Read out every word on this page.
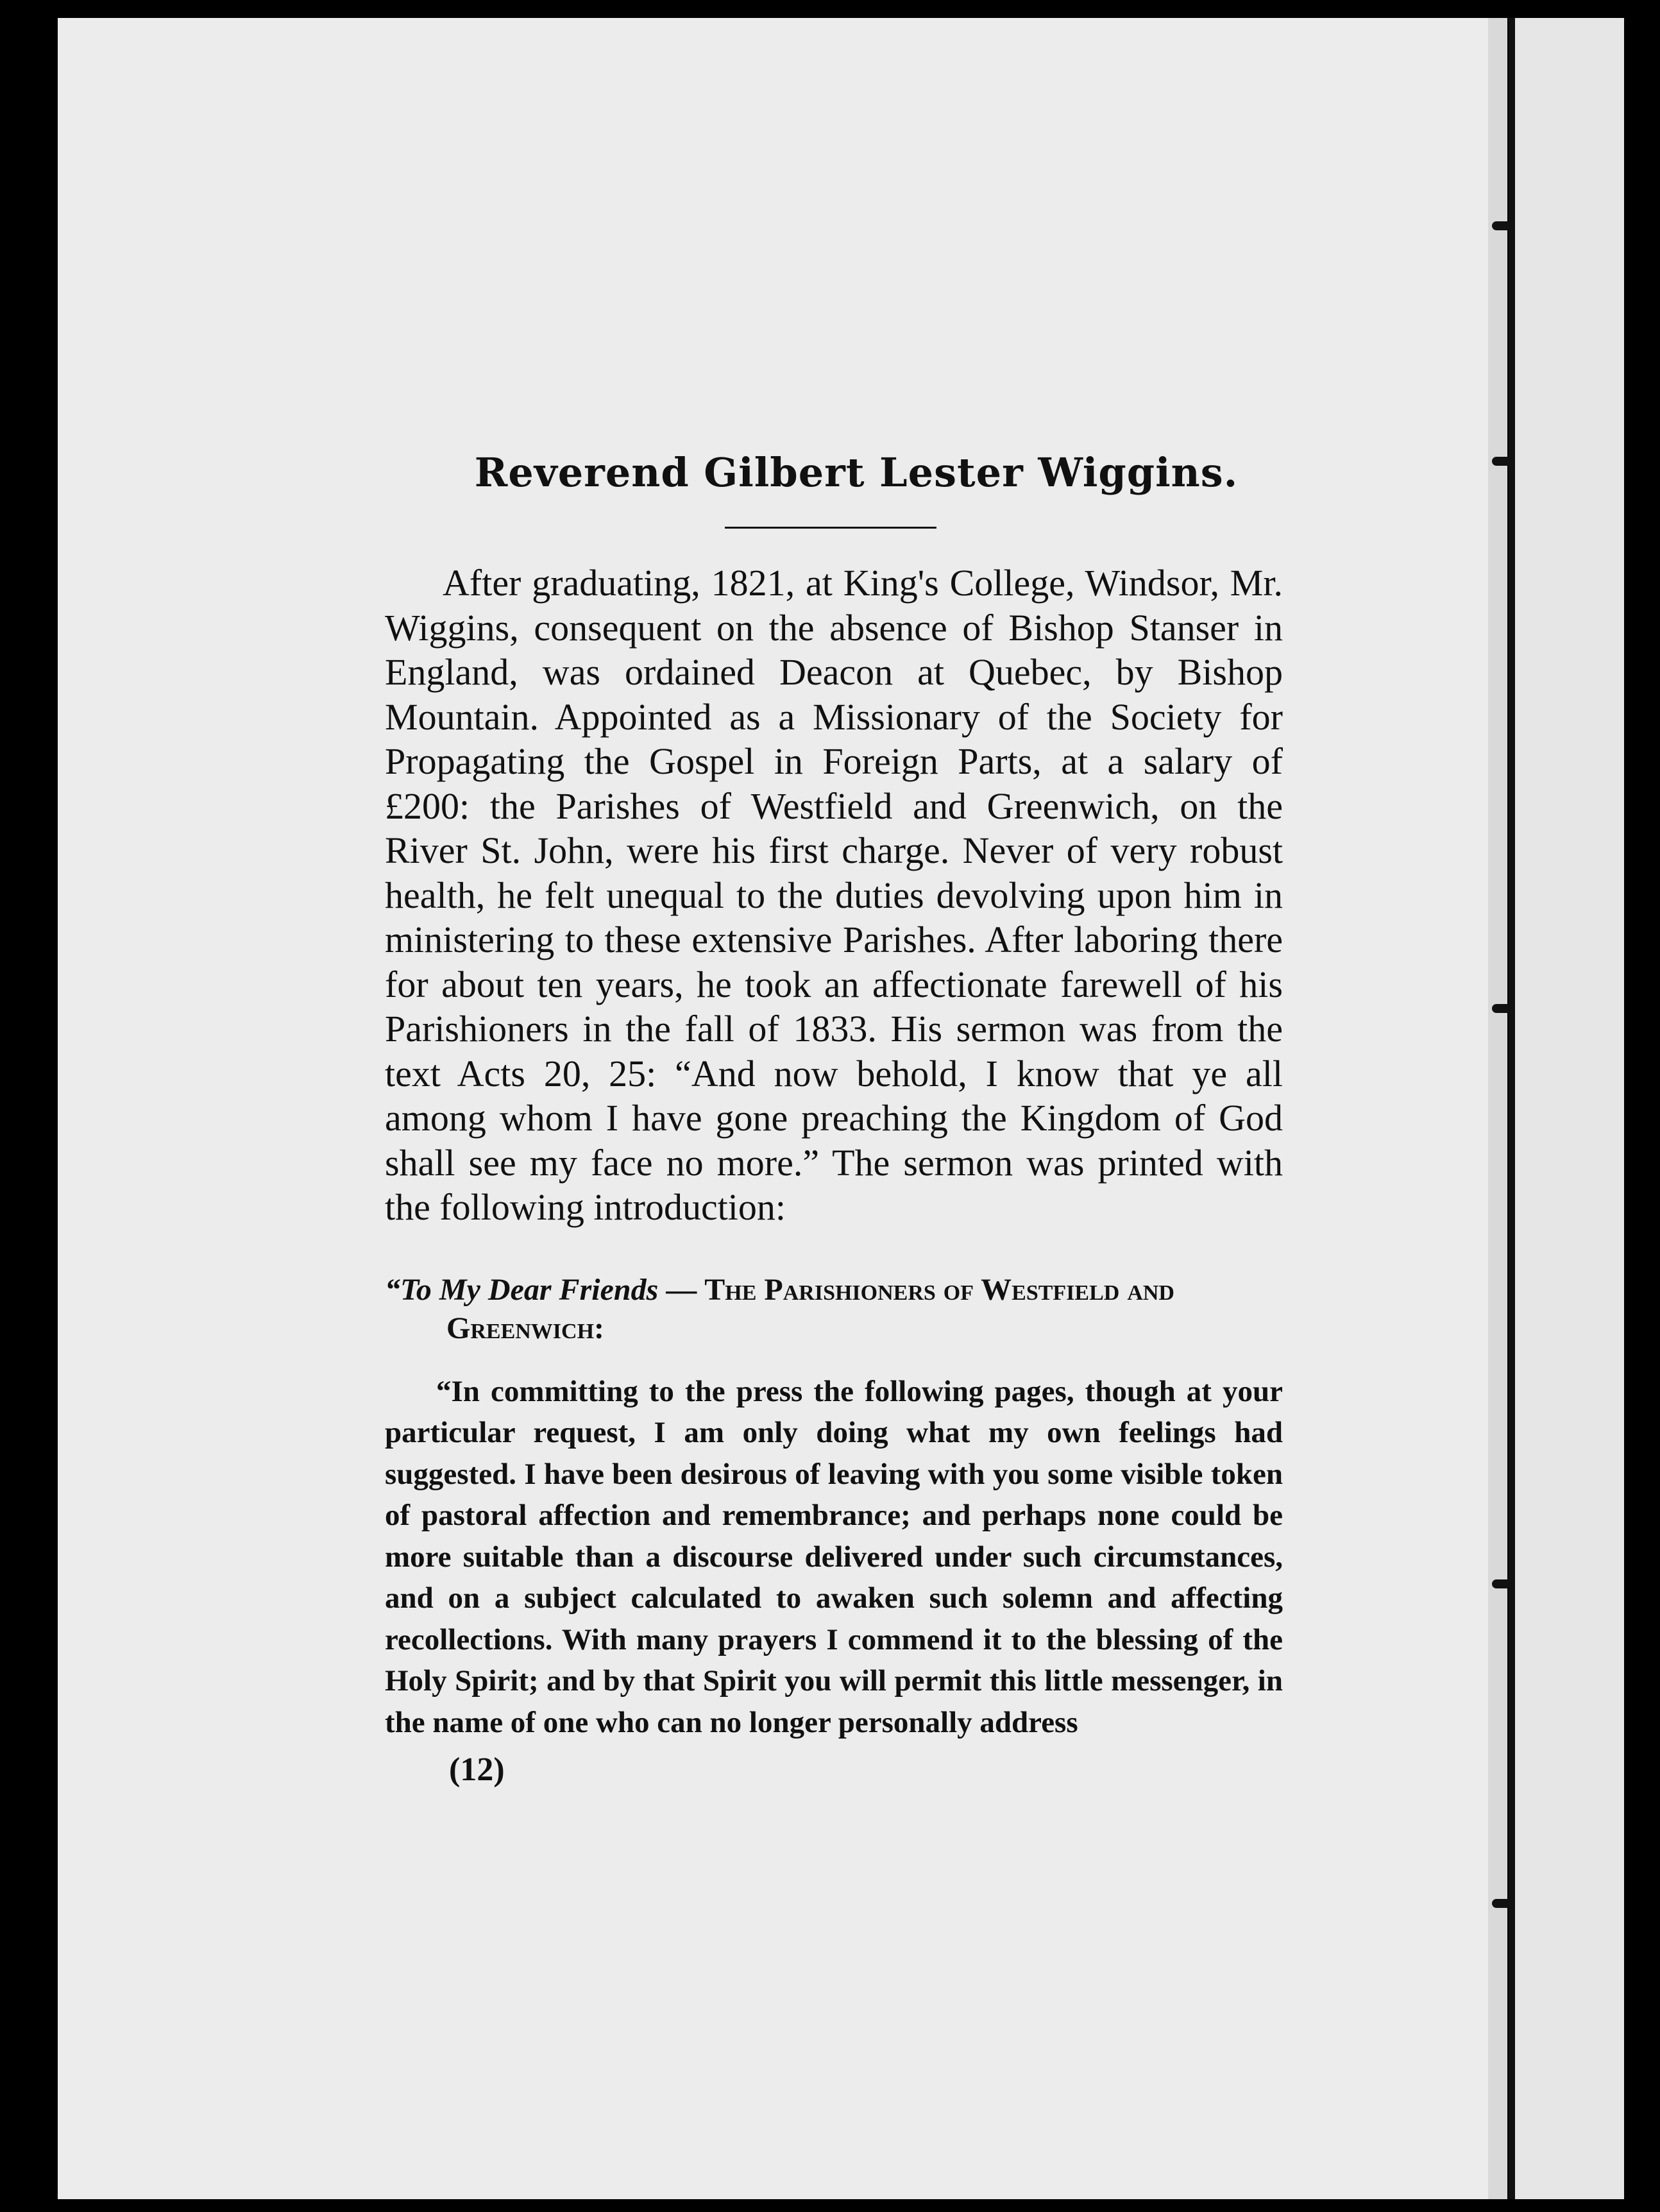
Reverend Gilbert Lester Wiggins.

After graduating, 1821, at King's College, Windsor, Mr. Wiggins, consequent on the absence of Bishop Stanser in England, was ordained Deacon at Quebec, by Bishop Mountain. Appointed as a Missionary of the Society for Propagating the Gospel in Foreign Parts, at a salary of £200: the Parishes of Westfield and Greenwich, on the River St. John, were his first charge. Never of very robust health, he felt unequal to the duties devolving upon him in ministering to these extensive Parishes. After laboring there for about ten years, he took an affectionate farewell of his Parishioners in the fall of 1833. His sermon was from the text Acts 20, 25: “And now behold, I know that ye all among whom I have gone preaching the Kingdom of God shall see my face no more.” The sermon was printed with the following introduction:

“To My Dear Friends — The Parishioners of Westfield and Greenwich:

“In committing to the press the following pages, though at your particular request, I am only doing what my own feelings had suggested. I have been desirous of leaving with you some visible token of pastoral affection and remembrance; and perhaps none could be more suitable than a discourse delivered under such circumstances, and on a subject calculated to awaken such solemn and affecting recollections. With many prayers I commend it to the blessing of the Holy Spirit; and by that Spirit you will permit this little messenger, in the name of one who can no longer personally address

(12)
